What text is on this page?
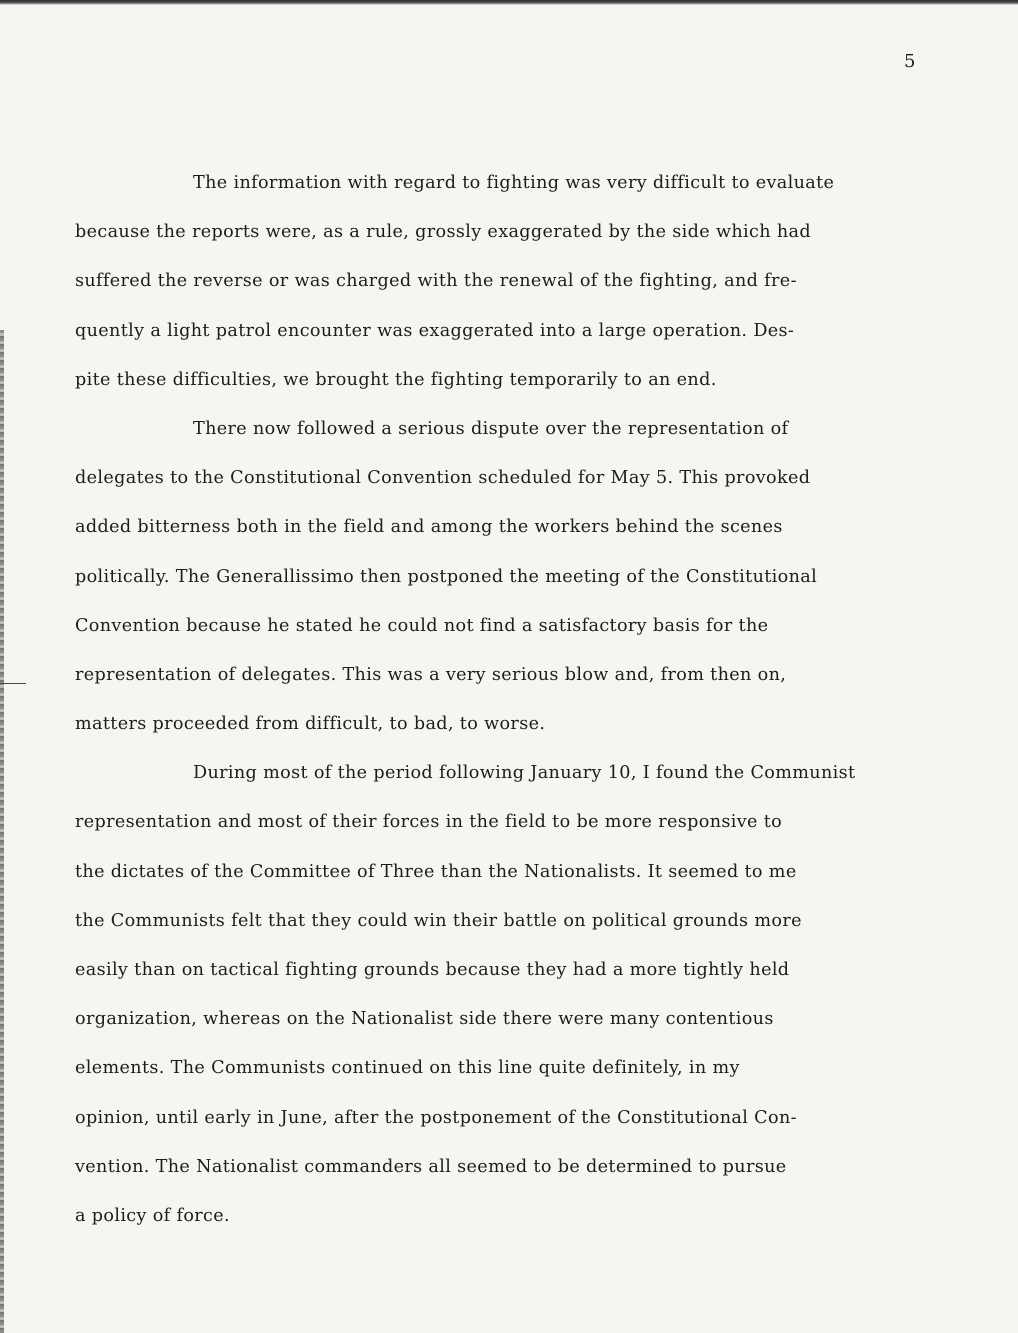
5
The information with regard to fighting was very difficult to evaluate
because the reports were, as a rule, grossly exaggerated by the side which had
suffered the reverse or was charged with the renewal of the fighting, and fre-
quently a light patrol encounter was exaggerated into a large operation. Des-
pite these difficulties, we brought the fighting temporarily to an end.
There now followed a serious dispute over the representation of
delegates to the Constitutional Convention scheduled for May 5. This provoked
added bitterness both in the field and among the workers behind the scenes
politically. The Generallissimo then postponed the meeting of the Constitutional
Convention because he stated he could not find a satisfactory basis for the
representation of delegates. This was a very serious blow and, from then on,
matters proceeded from difficult, to bad, to worse.
During most of the period following January 10, I found the Communist
representation and most of their forces in the field to be more responsive to
the dictates of the Committee of Three than the Nationalists. It seemed to me
the Communists felt that they could win their battle on political grounds more
easily than on tactical fighting grounds because they had a more tightly held
organization, whereas on the Nationalist side there were many contentious
elements. The Communists continued on this line quite definitely, in my
opinion, until early in June, after the postponement of the Constitutional Con-
vention. The Nationalist commanders all seemed to be determined to pursue
a policy of force.
